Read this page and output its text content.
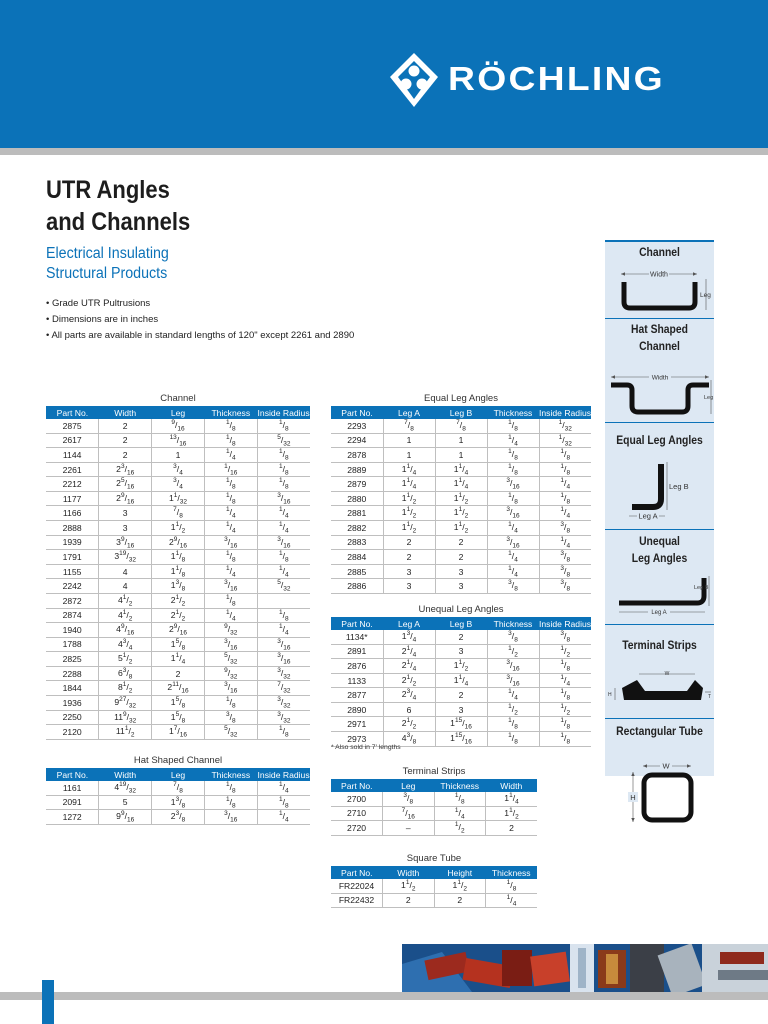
RÖCHLING
UTR Angles
and Channels
Electrical Insulating
Structural Products
• Grade UTR Pultrusions
• Dimensions are in inches
• All parts are available in standard lengths of 120" except 2261 and 2890
Channel				
Part No.	Width	Leg	Thickness	Inside Radius
2875	2	$^9/_{16}$	$^1/_8$	$^1/_8$
2617	2	$^{13}/_{16}$	$^1/_8$	$^5/_{32}$
1144	2	1	$^1/_4$	$^1/_8$
2261	$2^3/_{16}$	$^3/_4$	$^1/_{16}$	$^1/_8$
2212	$2^5/_{16}$	$^3/_4$	$^1/_8$	$^1/_8$
1177	$2^9/_{16}$	$1^1/_{32}$	$^1/_8$	$^3/_{16}$
1166	3	$^7/_8$	$^1/_4$	$^1/_4$
2888	3	$1^1/_2$	$^1/_4$	$^1/_4$
1939	$3^9/_{16}$	$2^9/_{16}$	$^3/_{16}$	$^3/_{16}$
1791	$3^{19}/_{32}$	$1^1/_8$	$^1/_8$	$^1/_8$
1155	4	$1^1/_8$	$^1/_4$	$^1/_4$
2242	4	$1^3/_8$	$^3/_{16}$	$^5/_{32}$
2872	$4^1/_2$	$2^1/_2$	$^1/_8$	
2874	$4^1/_2$	$2^1/_2$	$^1/_4$	$^1/_8$
1940	$4^9/_{16}$	$2^9/_{16}$	$^9/_{32}$	$^1/_4$
1788	$4^3/_4$	$1^5/_8$	$^3/_{16}$	$^3/_{16}$
2825	$5^1/_2$	$1^1/_4$	$^5/_{32}$	$^3/_{16}$
2288	$6^3/_8$	2	$^9/_{32}$	$^3/_{32}$
1844	$8^1/_2$	$2^{11}/_{16}$	$^3/_{16}$	$^7/_{32}$
1936	$9^{27}/_{32}$	$1^5/_8$	$^1/_8$	$^3/_{32}$
2250	$11^9/_{32}$	$1^5/_8$	$^3/_8$	$^3/_{32}$
2120	$11^1/_2$	$1^7/_{16}$	$^5/_{32}$	$^1/_8$
Hat Shaped Channel				
Part No.	Width	Leg	Thickness	Inside Radius
1161	$4^{19}/_{32}$	$^7/_8$	$^1/_8$	$^1/_4$
2091	5	$1^3/_8$	$^1/_8$	$^1/_8$
1272	$9^9/_{16}$	$2^3/_8$	$^3/_{16}$	$^1/_4$
Equal Leg Angles				
Part No.	Leg A	Leg B	Thickness	Inside Radius
2293	$^7/_8$	$^7/_8$	$^1/_8$	$^1/_{32}$
2294	1	1	$^1/_4$	$^1/_{32}$
2878	1	1	$^1/_8$	$^1/_8$
2889	$1^1/_4$	$1^1/_4$	$^1/_8$	$^1/_8$
2879	$1^1/_4$	$1^1/_4$	$^3/_{16}$	$^1/_4$
2880	$1^1/_2$	$1^1/_2$	$^1/_8$	$^1/_8$
2881	$1^1/_2$	$1^1/_2$	$^3/_{16}$	$^1/_4$
2882	$1^1/_2$	$1^1/_2$	$^1/_4$	$^3/_8$
2883	2	2	$^3/_{16}$	$^1/_4$
2884	2	2	$^1/_4$	$^3/_8$
2885	3	3	$^1/_4$	$^3/_8$
2886	3	3	$^3/_8$	$^3/_8$
Unequal Leg Angles				
Part No.	Leg A	Leg B	Thickness	Inside Radius
1134*	$1^3/_4$	2	$^3/_8$	$^3/_8$
2891	$2^1/_4$	3	$^1/_2$	$^1/_2$
2876	$2^1/_4$	$1^1/_2$	$^3/_{16}$	$^1/_8$
1133	$2^1/_2$	$1^1/_4$	$^3/_{16}$	$^1/_4$
2877	$2^3/_4$	2	$^1/_4$	$^1/_8$
2890	6	3	$^1/_2$	$^1/_2$
2971	$2^1/_2$	$1^{15}/_{16}$	$^1/_8$	$^1/_8$
2973	$4^3/_8$	$1^{15}/_{16}$	$^1/_8$	$^1/_8$
* Also sold in 7' lengths
Terminal Strips			
Part No.	Leg	Thickness	Width
2700	$^3/_8$	$^1/_8$	$1^1/_4$
2710	$^7/_{16}$	$^1/_4$	$1^1/_2$
2720	–	$^1/_2$	2
Square Tube			
Part No.	Width	Height	Thickness
FR22024	$1^1/_2$	$1^1/_2$	$^1/_8$
FR22432	2	2	$^1/_4$
Channel
Width
Leg
Hat Shaped
Channel
Width
Leg
Equal Leg Angles
Leg B
Leg A
Unequal
Leg Angles
Leg B
Leg A
Terminal Strips
W
H	T
Rectangular Tube
W
H
